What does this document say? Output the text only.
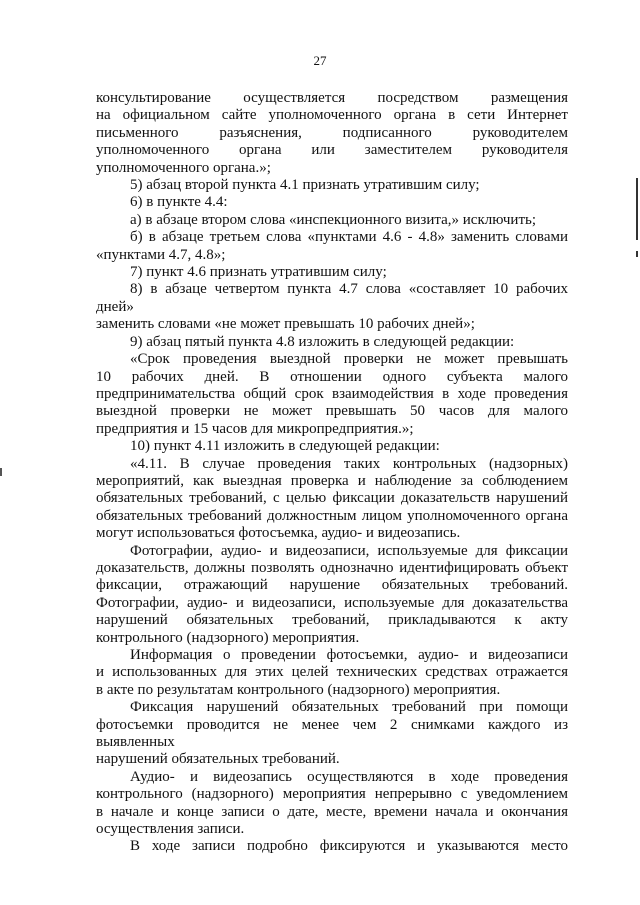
27

консультирование осуществляется посредством размещения

на официальном сайте уполномоченного органа в сети Интернет

письменного разъяснения, подписанного руководителем

уполномоченного органа или заместителем руководителя

уполномоченного органа.»;

5) абзац второй пункта 4.1 признать утратившим силу;

6) в пункте 4.4:

а) в абзаце втором слова «инспекционного визита,» исключить;

б) в абзаце третьем слова «пунктами 4.6 - 4.8» заменить словами

«пунктами 4.7, 4.8»;

7) пункт 4.6 признать утратившим силу;

8) в абзаце четвертом пункта 4.7 слова «составляет 10 рабочих дней»

заменить словами «не может превышать 10 рабочих дней»;

9) абзац пятый пункта 4.8 изложить в следующей редакции:

«Срок проведения выездной проверки не может превышать

10 рабочих дней. В отношении одного субъекта малого

предпринимательства общий срок взаимодействия в ходе проведения

выездной проверки не может превышать 50 часов для малого

предприятия и 15 часов для микропредприятия.»;

10) пункт 4.11 изложить в следующей редакции:

«4.11. В случае проведения таких контрольных (надзорных)

мероприятий, как выездная проверка и наблюдение за соблюдением

обязательных требований, с целью фиксации доказательств нарушений

обязательных требований должностным лицом уполномоченного органа

могут использоваться фотосъемка, аудио- и видеозапись.

Фотографии, аудио- и видеозаписи, используемые для фиксации

доказательств, должны позволять однозначно идентифицировать объект

фиксации, отражающий нарушение обязательных требований.

Фотографии, аудио- и видеозаписи, используемые для доказательства

нарушений обязательных требований, прикладываются к акту

контрольного (надзорного) мероприятия.

Информация о проведении фотосъемки, аудио- и видеозаписи

и использованных для этих целей технических средствах отражается

в акте по результатам контрольного (надзорного) мероприятия.

Фиксация нарушений обязательных требований при помощи

фотосъемки проводится не менее чем 2 снимками каждого из выявленных

нарушений обязательных требований.

Аудио- и видеозапись осуществляются в ходе проведения

контрольного (надзорного) мероприятия непрерывно с уведомлением

в начале и конце записи о дате, месте, времени начала и окончания

осуществления записи.

В ходе записи подробно фиксируются и указываются место
